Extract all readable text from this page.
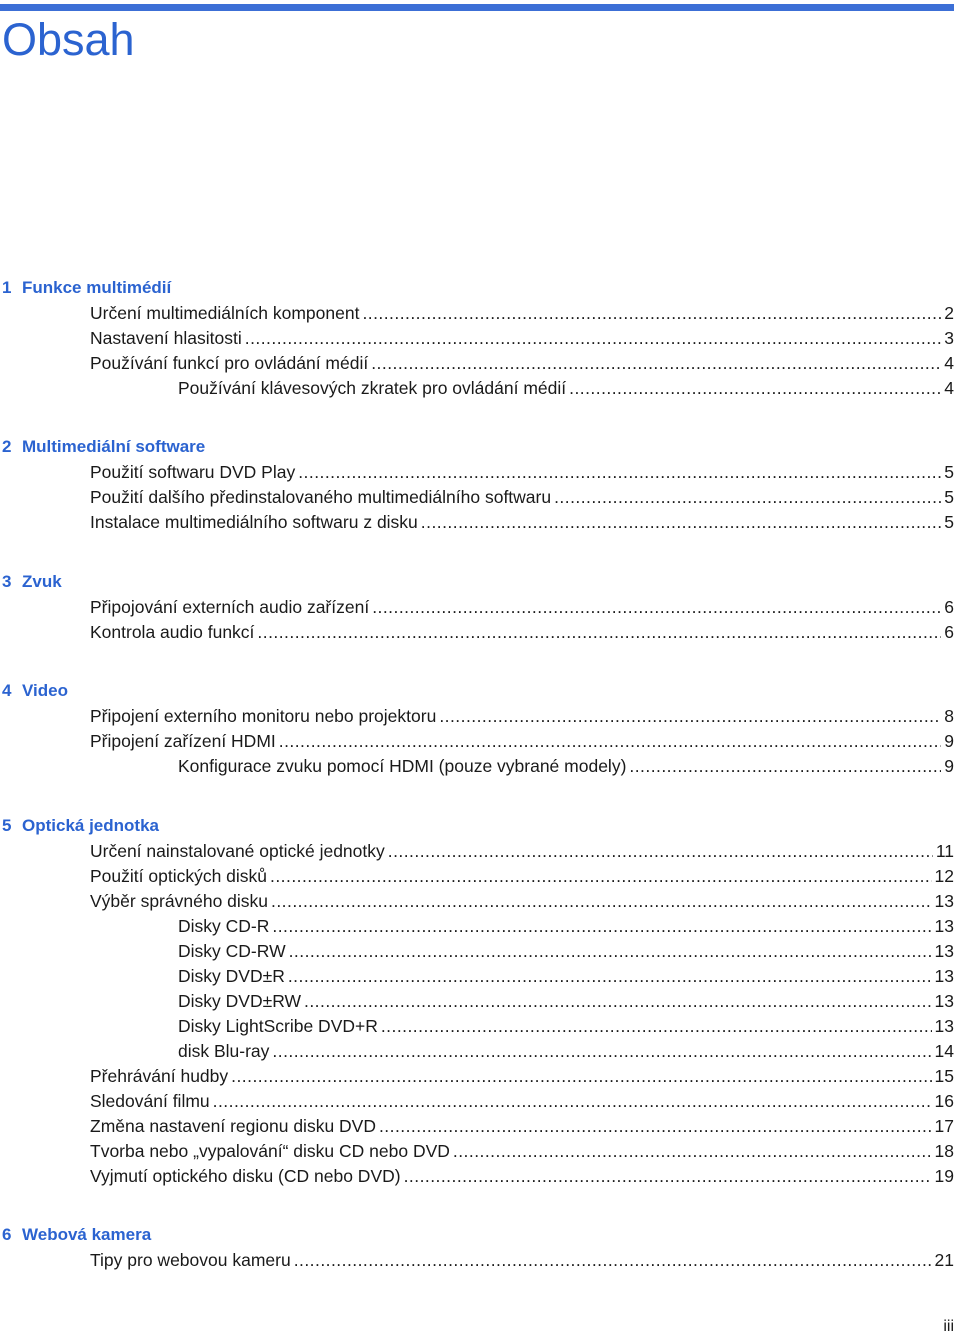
Obsah
1 Funkce multimédií
Určení multimediálních komponent . . .	2
Nastavení hlasitosti . . .	3
Používání funkcí pro ovládání médií . . .	4
Používání klávesových zkratek pro ovládání médií . . .	4
2 Multimediální software
Použití softwaru DVD Play . . .	5
Použití dalšího předinstalovaného multimediálního softwaru . . .	5
Instalace multimediálního softwaru z disku . . .	5
3 Zvuk
Připojování externích audio zařízení . . .	6
Kontrola audio funkcí . . .	6
4 Video
Připojení externího monitoru nebo projektoru . . .	8
Připojení zařízení HDMI . . .	9
Konfigurace zvuku pomocí HDMI (pouze vybrané modely) . . .	9
5 Optická jednotka
Určení nainstalované optické jednotky . . .	11
Použití optických disků . . .	12
Výběr správného disku . . .	13
Disky CD-R . . .	13
Disky CD-RW . . .	13
Disky DVD±R . . .	13
Disky DVD±RW . . .	13
Disky LightScribe DVD+R . . .	13
disk Blu-ray . . .	14
Přehrávání hudby . . .	15
Sledování filmu . . .	16
Změna nastavení regionu disku DVD . . .	17
Tvorba nebo „vypalování“ disku CD nebo DVD . . .	18
Vyjmutí optického disku (CD nebo DVD) . . .	19
6 Webová kamera
Tipy pro webovou kameru . . .	21
iii
